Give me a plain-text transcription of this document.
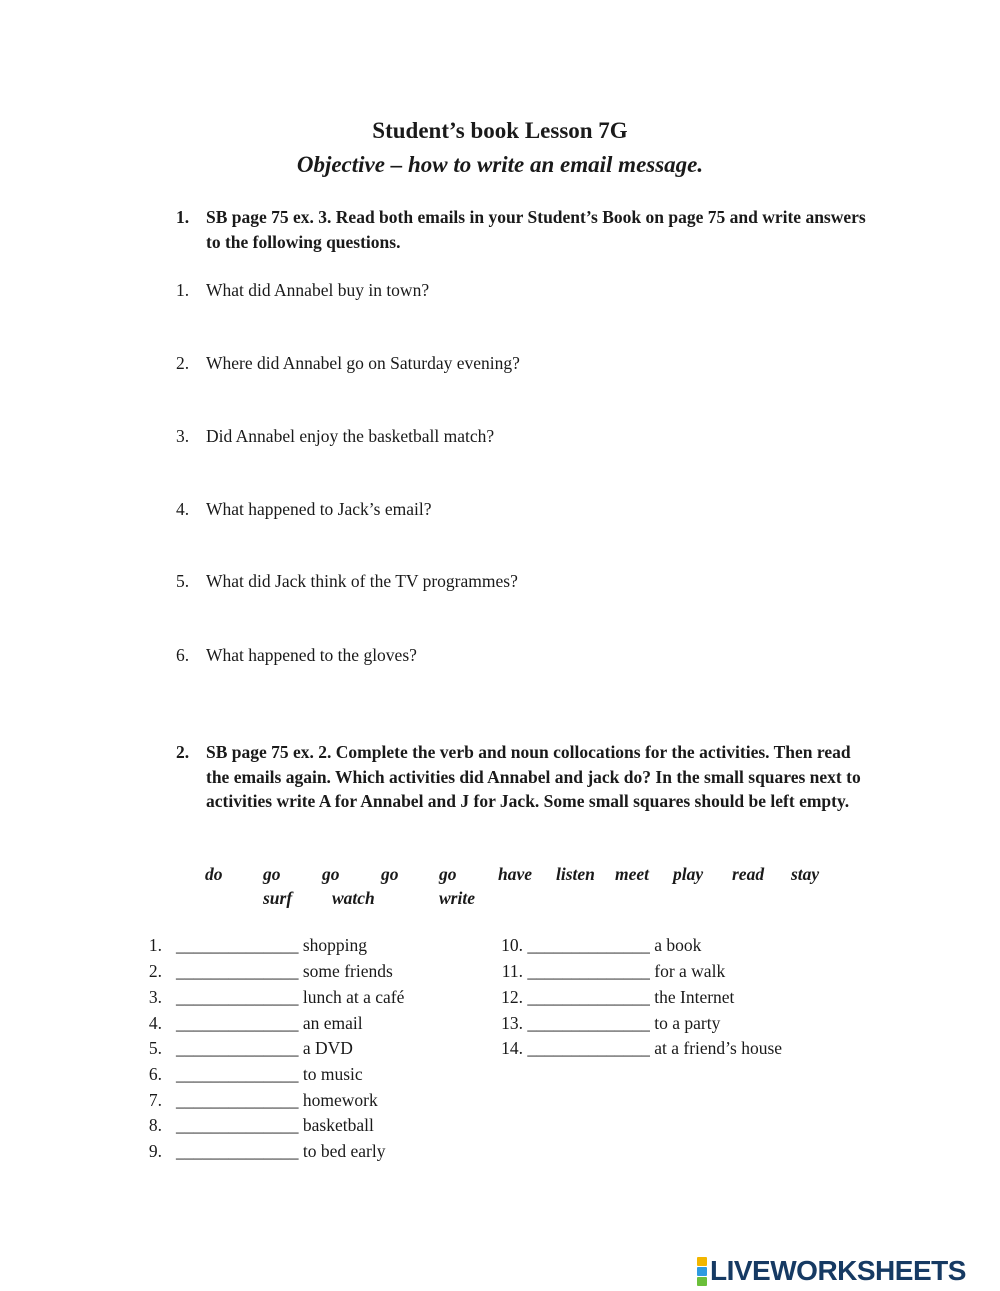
Student’s book Lesson 7G
Objective – how to write an email message.
1. SB page 75 ex. 3. Read both emails in your Student’s Book on page 75 and write answers to the following questions.
1. What did Annabel buy in town?
2. Where did Annabel go on Saturday evening?
3. Did Annabel enjoy the basketball match?
4. What happened to Jack’s email?
5. What did Jack think of the TV programmes?
6. What happened to the gloves?
2. SB page 75 ex. 2. Complete the verb and noun collocations for the activities. Then read the emails again. Which activities did Annabel and jack do? In the small squares next to activities write A for Annabel and J for Jack. Some small squares should be left empty.
do go go go go have listen meet play read stay
surf watch	write
1. ______________ shopping
2. ______________ some friends
3. ______________ lunch at a café
4. ______________ an email
5. ______________ a DVD
6. ______________ to music
7. ______________ homework
8. ______________ basketball
9. ______________ to bed early
10. ______________ a book
11. ______________ for a walk
12. ______________ the Internet
13. ______________ to a party
14. ______________ at a friend’s house
LIVEWORKSHEETS
